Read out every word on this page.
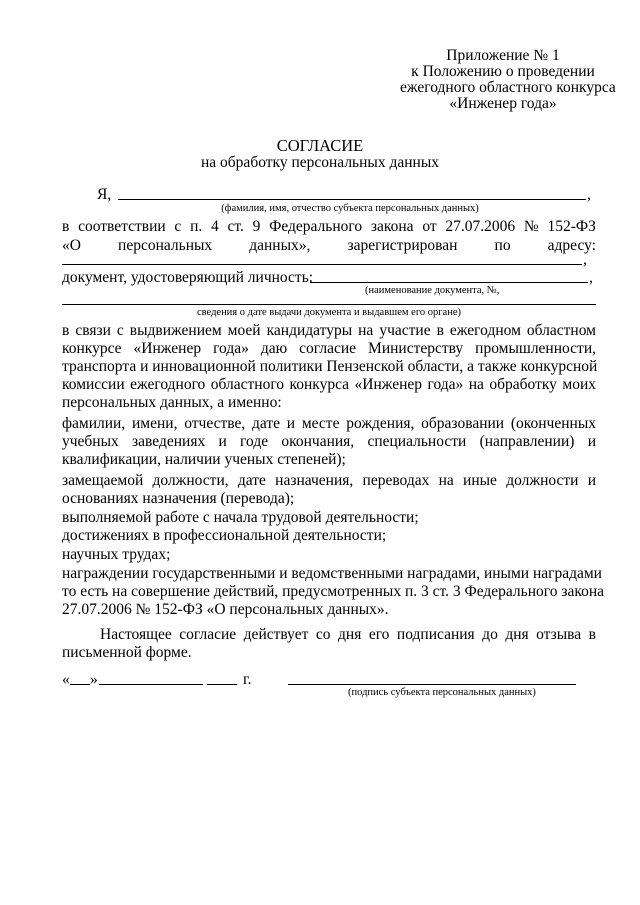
Приложение № 1
к Положению о проведении
ежегодного областного конкурса
«Инженер года»
СОГЛАСИЕ
на обработку персональных данных
Я,	,
(фамилия, имя, отчество субъекта персональных данных)
в соответствии с п. 4 ст. 9 Федерального закона от 27.07.2006 № 152-ФЗ
«О персональных данных», зарегистрирован по адресу:
,
документ, удостоверяющий личность:	,
(наименование документа, №,
сведения о дате выдачи документа и выдавшем его органе)
в связи с выдвижением моей кандидатуры на участие в ежегодном областном
конкурсе «Инженер года» даю согласие Министерству промышленности,
транспорта и инновационной политики Пензенской области, а также конкурсной
комиссии ежегодного областного конкурса «Инженер года» на обработку моих
персональных данных, а именно:
фамилии, имени, отчестве, дате и месте рождения, образовании (оконченных
учебных заведениях и годе окончания, специальности (направлении) и
квалификации, наличии ученых степеней);
замещаемой должности, дате назначения, переводах на иные должности и
основаниях назначения (перевода);
выполняемой работе с начала трудовой деятельности;
достижениях в профессиональной деятельности;
научных трудах;
награждении государственными и ведомственными наградами, иными наградами
то есть на совершение действий, предусмотренных п. 3 ст. 3 Федерального закона
27.07.2006 № 152-ФЗ «О персональных данных».
Настоящее согласие действует со дня его подписания до дня отзыва в
письменной форме.
« »	г.
(подпись субъекта персональных данных)
